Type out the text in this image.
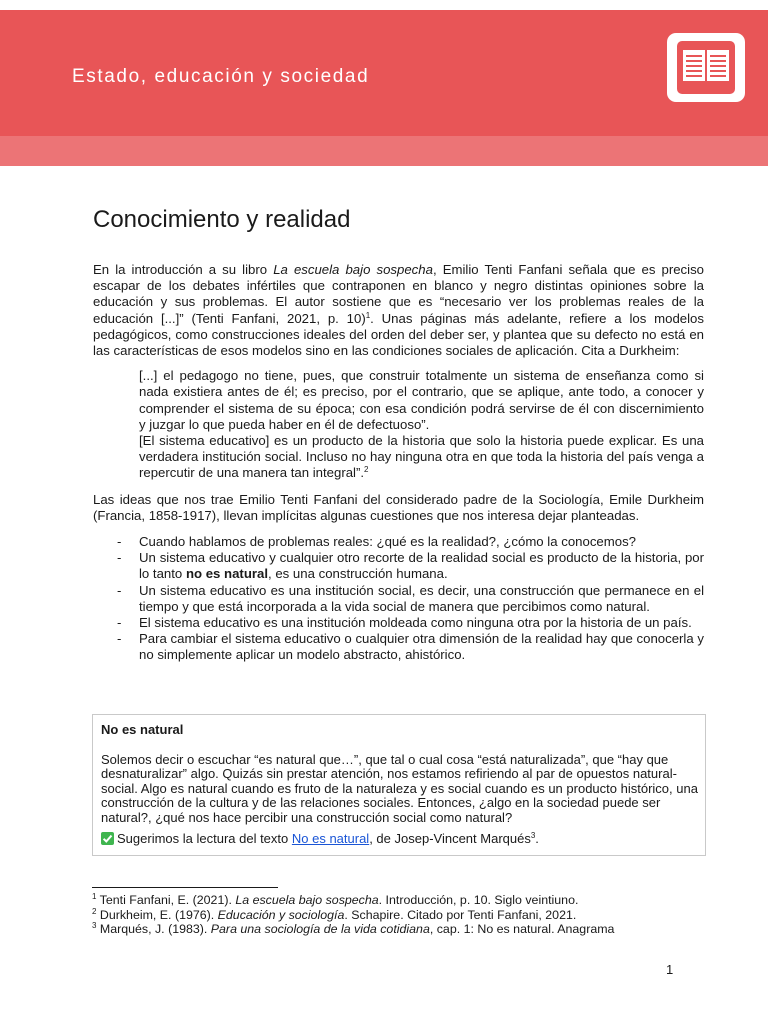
Estado, educación y sociedad
Conocimiento y realidad

En la introducción a su libro La escuela bajo sospecha, Emilio Tenti Fanfani señala que es preciso escapar de los debates infértiles que contraponen en blanco y negro distintas opiniones sobre la educación y sus problemas. El autor sostiene que es “necesario ver los problemas reales de la educación [...]” (Tenti Fanfani, 2021, p. 10)$^1$. Unas páginas más adelante, refiere a los modelos pedagógicos, como construcciones ideales del orden del deber ser, y plantea que su defecto no está en las características de esos modelos sino en las condiciones sociales de aplicación. Cita a Durkheim:

[...] el pedagogo no tiene, pues, que construir totalmente un sistema de enseñanza como si nada existiera antes de él; es preciso, por el contrario, que se aplique, ante todo, a conocer y comprender el sistema de su época; con esa condición podrá servirse de él con discernimiento y juzgar lo que pueda haber en él de defectuoso”.

[El sistema educativo] es un producto de la historia que solo la historia puede explicar. Es una verdadera institución social. Incluso no hay ninguna otra en que toda la historia del país venga a repercutir de una manera tan integral”.$^2$

Las ideas que nos trae Emilio Tenti Fanfani del considerado padre de la Sociología, Emile Durkheim (Francia, 1858-1917), llevan implícitas algunas cuestiones que nos interesa dejar planteadas.

- Cuando hablamos de problemas reales: ¿qué es la realidad?, ¿cómo la conocemos?
- Un sistema educativo y cualquier otro recorte de la realidad social es producto de la historia, por lo tanto no es natural, es una construcción humana.
- Un sistema educativo es una institución social, es decir, una construcción que permanece en el tiempo y que está incorporada a la vida social de manera que percibimos como natural.
- El sistema educativo es una institución moldeada como ninguna otra por la historia de un país.
- Para cambiar el sistema educativo o cualquier otra dimensión de la realidad hay que conocerla y no simplemente aplicar un modelo abstracto, ahistórico.
No es natural
Solemos decir o escuchar “es natural que…”, que tal o cual cosa “está naturalizada”, que “hay que desnaturalizar” algo. Quizás sin prestar atención, nos estamos refiriendo al par de opuestos natural-social. Algo es natural cuando es fruto de la naturaleza y es social cuando es un producto histórico, una construcción de la cultura y de las relaciones sociales. Entonces, ¿algo en la sociedad puede ser natural?, ¿qué nos hace percibir una construcción social como natural?
Sugerimos la lectura del texto No es natural, de Josep-Vincent Marqués$^3$.
$^1$ Tenti Fanfani, E. (2021). La escuela bajo sospecha. Introducción, p. 10. Siglo veintiuno.
$^2$ Durkheim, E. (1976). Educación y sociología. Schapire. Citado por Tenti Fanfani, 2021.
$^3$ Marqués, J. (1983). Para una sociología de la vida cotidiana, cap. 1: No es natural. Anagrama
1
